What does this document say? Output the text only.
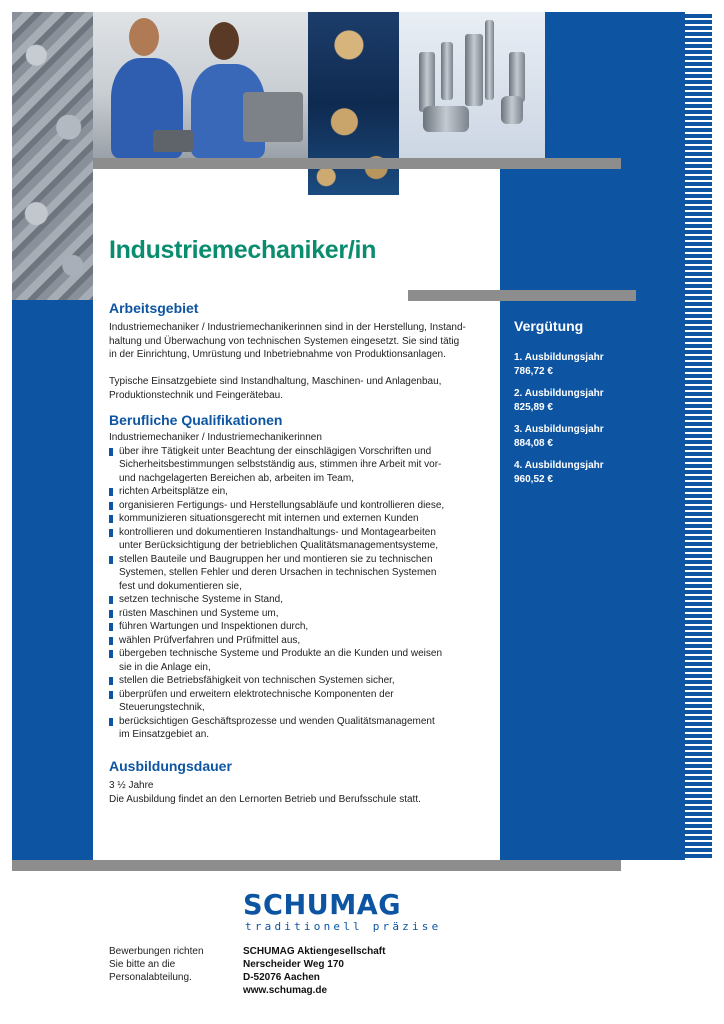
Industriemechaniker/in
Arbeitsgebiet

Industriemechaniker / Industriemechanikerinnen sind in der Herstellung, Instand-

haltung und Überwachung von technischen Systemen eingesetzt. Sie sind tätig

in der Einrichtung, Umrüstung und Inbetriebnahme von Produktionsanlagen.

Typische Einsatzgebiete sind Instandhaltung, Maschinen- und Anlagenbau,

Produktionstechnik und Feingerätebau.

Berufliche Qualifikationen
Industriemechaniker / Industriemechanikerinnen
über ihre Tätigkeit unter Beachtung der einschlägigen Vorschriften und
Sicherheitsbestimmungen selbstständig aus, stimmen ihre Arbeit mit vor-
und nachgelagerten Bereichen ab, arbeiten im Team,
richten Arbeitsplätze ein,
organisieren Fertigungs- und Herstellungsabläufe und kontrollieren diese,
kommunizieren situationsgerecht mit internen und externen Kunden
kontrollieren und dokumentieren Instandhaltungs- und Montagearbeiten
unter Berücksichtigung der betrieblichen Qualitätsmanagementsysteme,
stellen Bauteile und Baugruppen her und montieren sie zu technischen
Systemen, stellen Fehler und deren Ursachen in technischen Systemen
fest und dokumentieren sie,
setzen technische Systeme in Stand,
rüsten Maschinen und Systeme um,
führen Wartungen und Inspektionen durch,
wählen Prüfverfahren und Prüfmittel aus,
übergeben technische Systeme und Produkte an die Kunden und weisen
sie in die Anlage ein,
stellen die Betriebsfähigkeit von technischen Systemen sicher,
überprüfen und erweitern elektrotechnische Komponenten der
Steuerungstechnik,
berücksichtigen Geschäftsprozesse und wenden Qualitätsmanagement
im Einsatzgebiet an.
Ausbildungsdauer

3 ½ Jahre

Die Ausbildung findet an den Lernorten Betrieb und Berufsschule statt.

Vergütung
1. Ausbildungsjahr
786,72 €
2. Ausbildungsjahr
825,89 €
3. Ausbildungsjahr
884,08 €
4. Ausbildungsjahr
960,52 €
SCHUMAG
traditionell präzise
Bewerbungen richten
Sie bitte an die
Personalabteilung.
SCHUMAG Aktiengesellschaft
Nerscheider Weg 170
D-52076 Aachen
www.schumag.de
